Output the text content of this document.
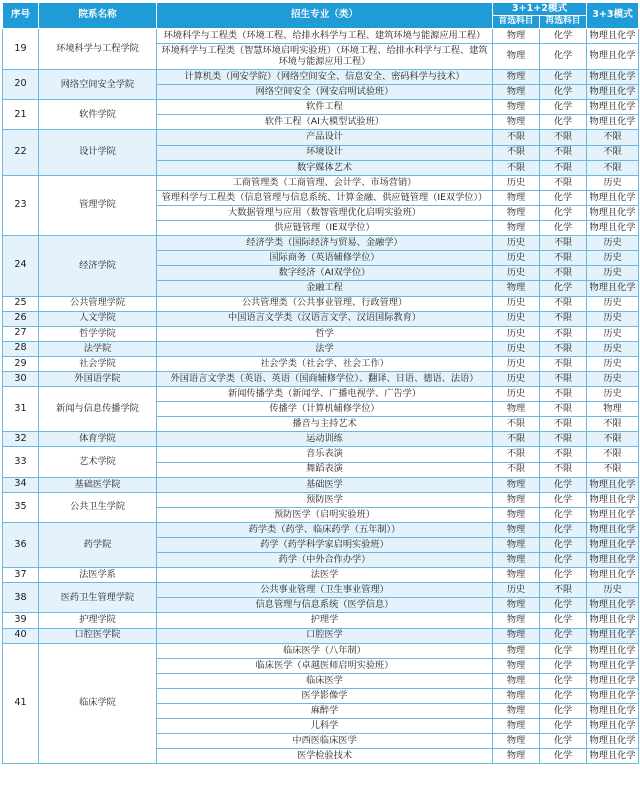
序号	院系名称	招生专业（类）	3+1+2模式		3+3模式
			首选科目	再选科目	
19	环境科学与工程学院	环境科学与工程类（环境工程、给排水科学与工程、建筑环境与能源应用工程）	物理	化学	物理且化学
		环境科学与工程类（智慧环境启明实验班）（环境工程、给排水科学与工程、建筑环境与能源应用工程）	物理	化学	物理且化学
20	网络空间安全学院	计算机类（网安学院）（网络空间安全、信息安全、密码科学与技术）	物理	化学	物理且化学
		网络空间安全（网安启明试验班）	物理	化学	物理且化学
21	软件学院	软件工程	物理	化学	物理且化学
		软件工程（AI大模型试验班）	物理	化学	物理且化学
22	设计学院	产品设计	不限	不限	不限
		环境设计	不限	不限	不限
		数字媒体艺术	不限	不限	不限
23	管理学院	工商管理类（工商管理、会计学、市场营销）	历史	不限	历史
		管理科学与工程类（信息管理与信息系统、计算金融、供应链管理（IE双学位））	物理	化学	物理且化学
		大数据管理与应用（数智管理优化启明实验班）	物理	化学	物理且化学
		供应链管理（IE双学位）	物理	化学	物理且化学
24	经济学院	经济学类（国际经济与贸易、金融学）	历史	不限	历史
		国际商务（英语辅修学位）	历史	不限	历史
		数字经济（AI双学位）	历史	不限	历史
		金融工程	物理	化学	物理且化学
25	公共管理学院	公共管理类（公共事业管理、行政管理）	历史	不限	历史
26	人文学院	中国语言文学类（汉语言文学、汉语国际教育）	历史	不限	历史
27	哲学学院	哲学	历史	不限	历史
28	法学院	法学	历史	不限	历史
29	社会学院	社会学类（社会学、社会工作）	历史	不限	历史
30	外国语学院	外国语言文学类（英语、英语（国商辅修学位）、翻译、日语、德语、法语）	历史	不限	历史
31	新闻与信息传播学院	新闻传播学类（新闻学、广播电视学、广告学）	历史	不限	历史
		传播学（计算机辅修学位）	物理	不限	物理
		播音与主持艺术	不限	不限	不限
32	体育学院	运动训练	不限	不限	不限
33	艺术学院	音乐表演	不限	不限	不限
		舞蹈表演	不限	不限	不限
34	基础医学院	基础医学	物理	化学	物理且化学
35	公共卫生学院	预防医学	物理	化学	物理且化学
		预防医学（启明实验班）	物理	化学	物理且化学
36	药学院	药学类（药学、临床药学（五年制））	物理	化学	物理且化学
		药学（药学科学家启明实验班）	物理	化学	物理且化学
		药学（中外合作办学）	物理	化学	物理且化学
37	法医学系	法医学	物理	化学	物理且化学
38	医药卫生管理学院	公共事业管理（卫生事业管理）	历史	不限	历史
		信息管理与信息系统（医学信息）	物理	化学	物理且化学
39	护理学院	护理学	物理	化学	物理且化学
40	口腔医学院	口腔医学	物理	化学	物理且化学
41	临床学院	临床医学（八年制）	物理	化学	物理且化学
		临床医学（卓越医师启明实验班）	物理	化学	物理且化学
		临床医学	物理	化学	物理且化学
		医学影像学	物理	化学	物理且化学
		麻醉学	物理	化学	物理且化学
		儿科学	物理	化学	物理且化学
		中西医临床医学	物理	化学	物理且化学
		医学检验技术	物理	化学	物理且化学
